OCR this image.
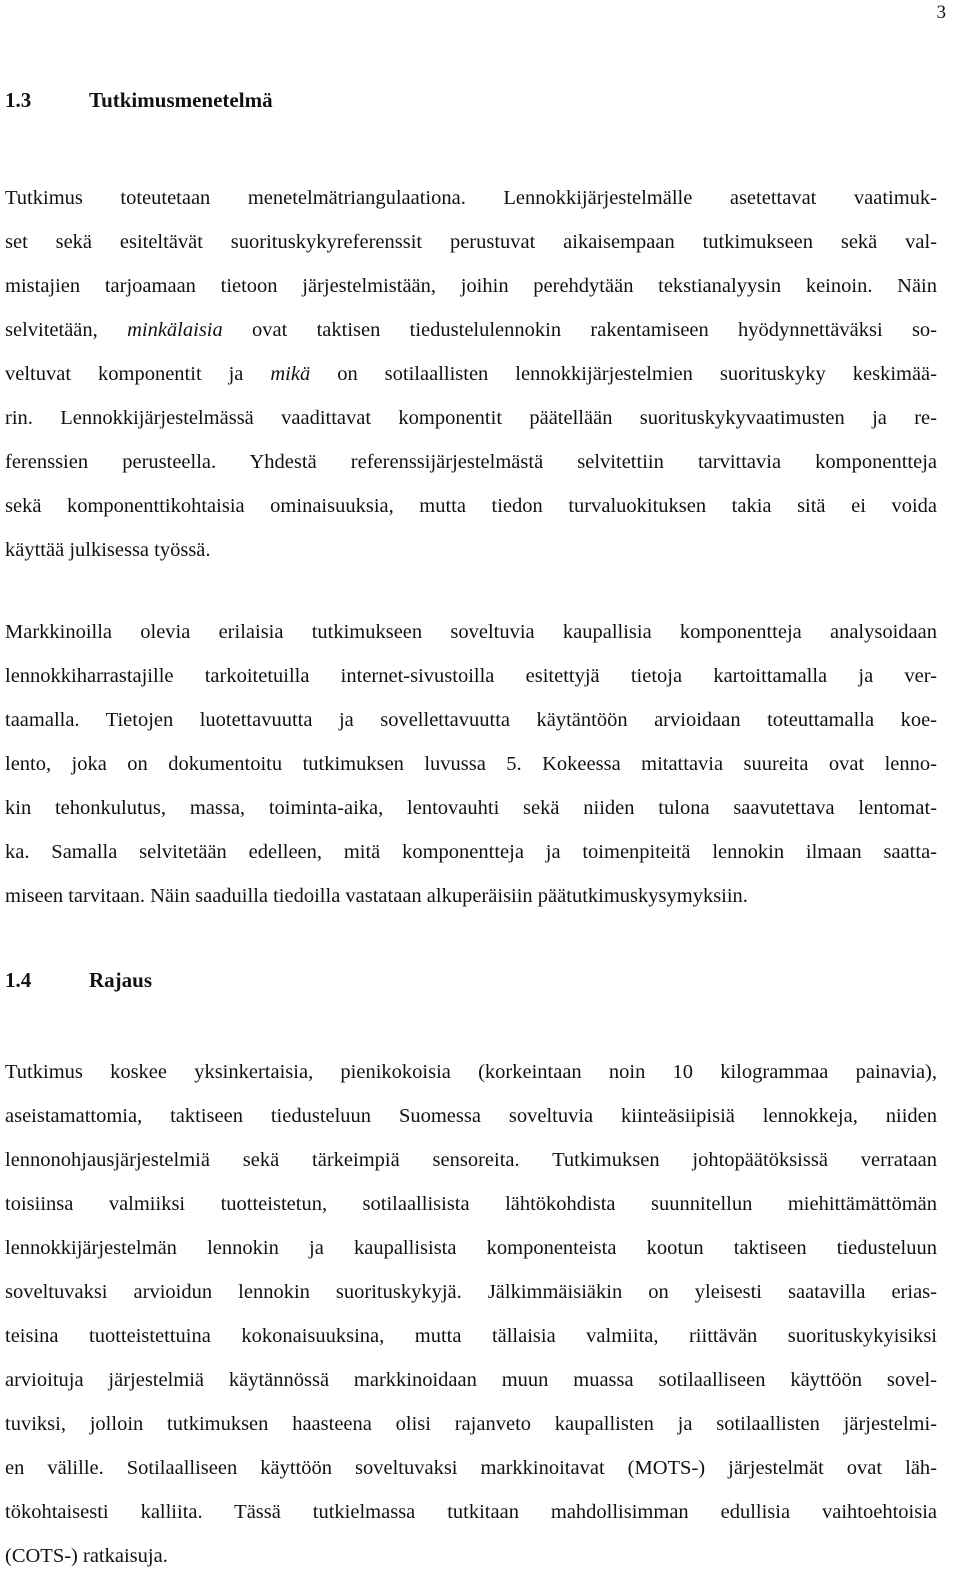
3
1.3	Tutkimusmenetelmä
Tutkimus toteutetaan menetelmätriangulaationa. Lennokkijärjestelmälle asetettavat vaatimuk-
set sekä esiteltävät suorituskykyreferenssit perustuvat aikaisempaan tutkimukseen sekä val-
mistajien tarjoamaan tietoon järjestelmistään, joihin perehdytään tekstianalyysin keinoin. Näin
selvitetään, minkälaisia ovat taktisen tiedustelulennokin rakentamiseen hyödynnettäväksi so-
veltuvat komponentit ja mikä on sotilaallisten lennokkijärjestelmien suorituskyky keskimää-
rin. Lennokkijärjestelmässä vaadittavat komponentit päätellään suorituskykyvaatimusten ja re-
ferenssien perusteella. Yhdestä referenssijärjestelmästä selvitettiin tarvittavia komponentteja
sekä komponenttikohtaisia ominaisuuksia, mutta tiedon turvaluokituksen takia sitä ei voida
käyttää julkisessa työssä.
Markkinoilla olevia erilaisia tutkimukseen soveltuvia kaupallisia komponentteja analysoidaan
lennokkiharrastajille tarkoitetuilla internet-sivustoilla esitettyjä tietoja kartoittamalla ja ver-
taamalla. Tietojen luotettavuutta ja sovellettavuutta käytäntöön arvioidaan toteuttamalla koe-
lento, joka on dokumentoitu tutkimuksen luvussa 5. Kokeessa mitattavia suureita ovat lenno-
kin tehonkulutus, massa, toiminta-aika, lentovauhti sekä niiden tulona saavutettava lentomat-
ka. Samalla selvitetään edelleen, mitä komponentteja ja toimenpiteitä lennokin ilmaan saatta-
miseen tarvitaan. Näin saaduilla tiedoilla vastataan alkuperäisiin päätutkimuskysymyksiin.
1.4	Rajaus
Tutkimus koskee yksinkertaisia, pienikokoisia (korkeintaan noin 10 kilogrammaa painavia),
aseistamattomia, taktiseen tiedusteluun Suomessa soveltuvia kiinteäsiipisiä lennokkeja, niiden
lennonohjausjärjestelmiä sekä tärkeimpiä sensoreita. Tutkimuksen johtopäätöksissä verrataan
toisiinsa valmiiksi tuotteistetun, sotilaallisista lähtökohdista suunnitellun miehittämättömän
lennokkijärjestelmän lennokin ja kaupallisista komponenteista kootun taktiseen tiedusteluun
soveltuvaksi arvioidun lennokin suorituskykyjä. Jälkimmäisiäkin on yleisesti saatavilla erias-
teisina tuotteistettuina kokonaisuuksina, mutta tällaisia valmiita, riittävän suorituskykyisiksi
arvioituja järjestelmiä käytännössä markkinoidaan muun muassa sotilaalliseen käyttöön sovel-
tuviksi, jolloin tutkimuksen haasteena olisi rajanveto kaupallisten ja sotilaallisten järjestelmi-
en välille. Sotilaalliseen käyttöön soveltuvaksi markkinoitavat (MOTS-) järjestelmät ovat läh-
tökohtaisesti kalliita. Tässä tutkielmassa tutkitaan mahdollisimman edullisia vaihtoehtoisia
(COTS-) ratkaisuja.
